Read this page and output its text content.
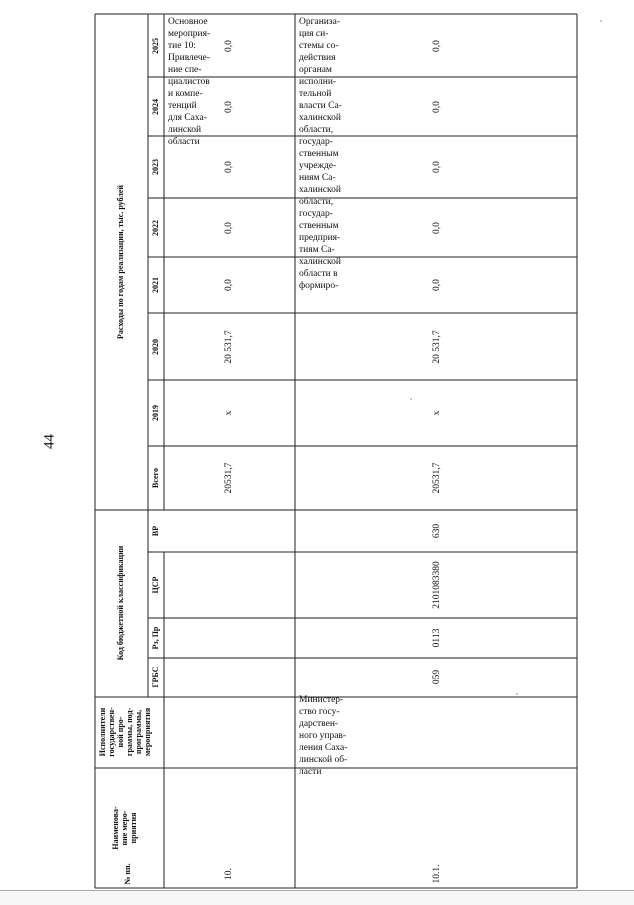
44
Расходы по годам реализации, тыс. рублей
2019
2020
2021
2022
2023
2024
2025
Всего
Код бюджетной классификации
ВР
ЦСР
Рз, Пр
ГРБС
Исполнители государствен- ной про- граммы, под- программы, мероприятия
Наименова- ние меро- приятия
№ пп.	10.
х
20 531,7
0,0
0,0
0,0
0,0
0,0
20531,7
10.1.
х
20 531,7
0,0
0,0
0,0
0,0
0,0
20531,7
630
2101083380
0113
059
Основное
мероприя-
тие 10:
Привлече-
ние спе-
циалистов
и компе-
тенций
для Саха-
линской
области
Организа-
ция си-
стемы со-
действия
органам
исполни-
тельной
власти Са-
халинской
области,
государ-
ственным
учрежде-
ниям Са-
халинской
области,
государ-
ственным
предприя-
тиям Са-
халинской
области в
формиро-
Министер-
ство госу-
дарствен-
ного управ-
ления Саха-
линской об-
ласти
